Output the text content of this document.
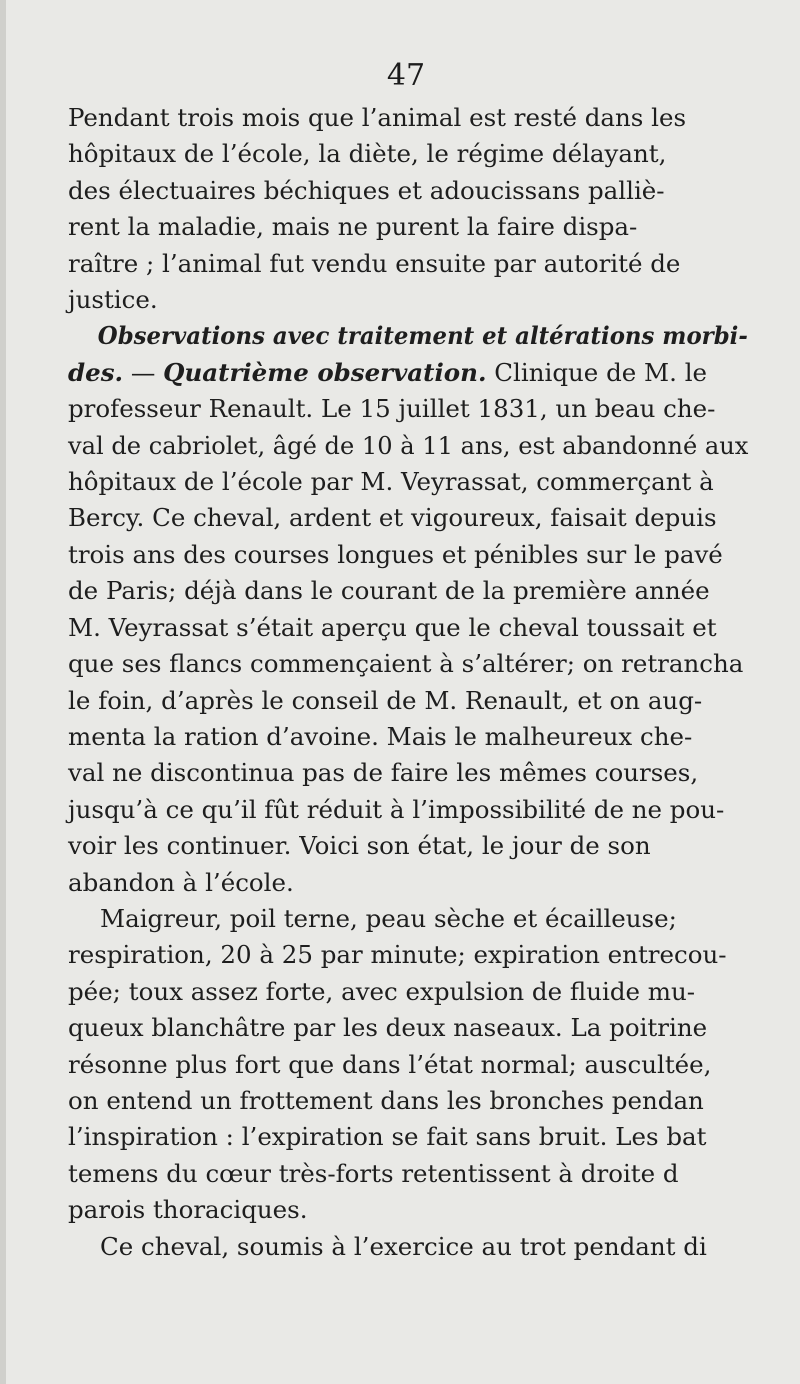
47

Pendant trois mois que l’animal est resté dans les
hôpitaux de l’école, la diète, le régime délayant,
des électuaires béchiques et adoucissans palliè-
rent la maladie, mais ne purent la faire dispa-
raître ; l’animal fut vendu ensuite par autorité de
justice.
Observations avec traitement et altérations morbi-
des. — Quatrième observation. Clinique de M. le
professeur Renault. Le 15 juillet 1831, un beau che-
val de cabriolet, âgé de 10 à 11 ans, est abandonné aux
hôpitaux de l’école par M. Veyrassat, commerçant à
Bercy. Ce cheval, ardent et vigoureux, faisait depuis
trois ans des courses longues et pénibles sur le pavé
de Paris; déjà dans le courant de la première année
M. Veyrassat s’était aperçu que le cheval toussait et
que ses flancs commençaient à s’altérer; on retrancha
le foin, d’après le conseil de M. Renault, et on aug-
menta la ration d’avoine. Mais le malheureux che-
val ne discontinua pas de faire les mêmes courses,
jusqu’à ce qu’il fût réduit à l’impossibilité de ne pou-
voir les continuer. Voici son état, le jour de son
abandon à l’école.
Maigreur, poil terne, peau sèche et écailleuse;
respiration, 20 à 25 par minute; expiration entrecou-
pée; toux assez forte, avec expulsion de fluide mu-
queux blanchâtre par les deux naseaux. La poitrine
résonne plus fort que dans l’état normal; auscultée,
on entend un frottement dans les bronches pendan
l’inspiration : l’expiration se fait sans bruit. Les bat
temens du cœur très-forts retentissent à droite d
parois thoraciques.
Ce cheval, soumis à l’exercice au trot pendant di
